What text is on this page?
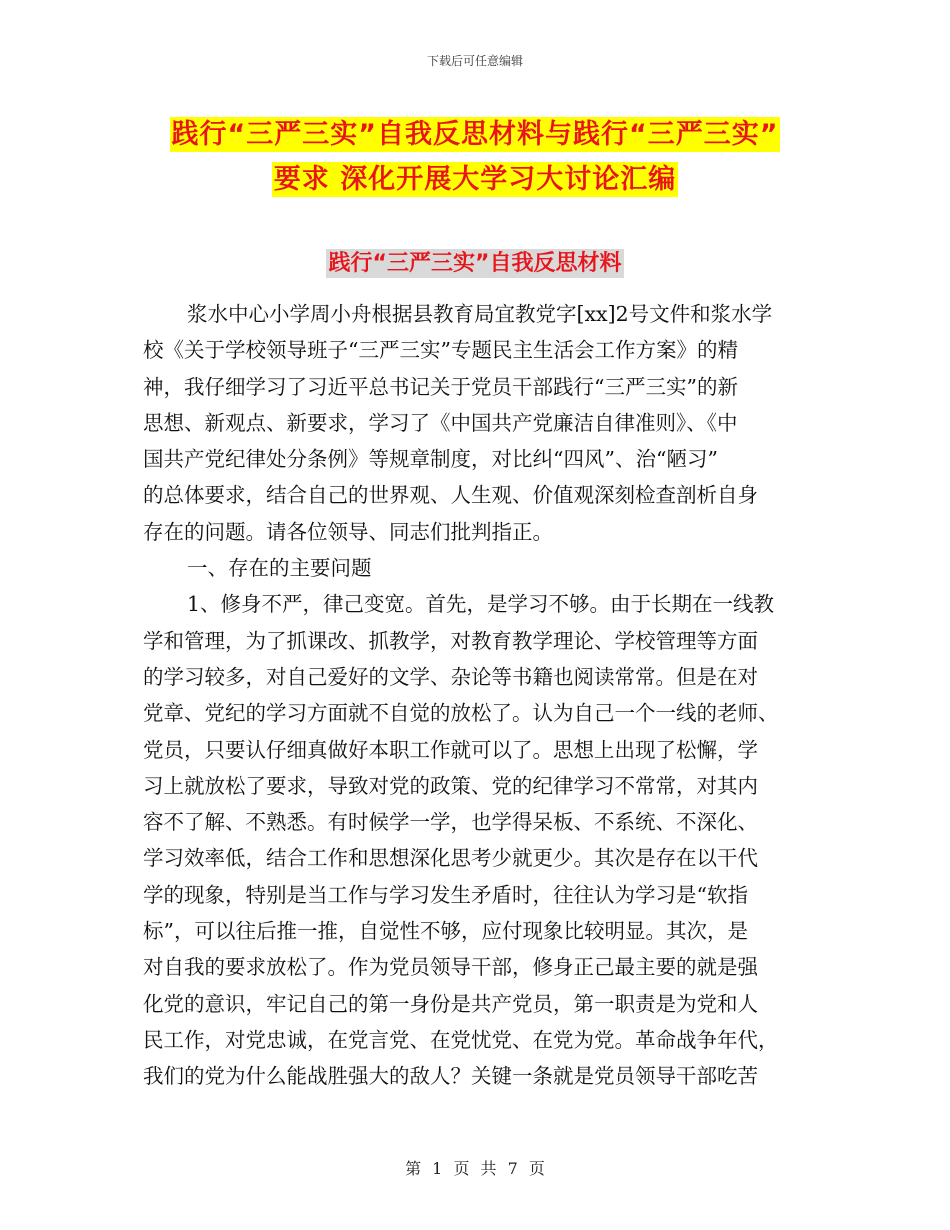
下载后可任意编辑
践行“三严三实”自我反思材料与践行“三严三实”
要求 深化开展大学习大讨论汇编
践行“三严三实”自我反思材料
浆水中心小学周小舟根据县教育局宜教党字[xx]2号文件和浆水学
校《关于学校领导班子“三严三实”专题民主生活会工作方案》的精
神，我仔细学习了习近平总书记关于党员干部践行“三严三实”的新
思想、新观点、新要求，学习了《中国共产党廉洁自律准则》、《中
国共产党纪律处分条例》等规章制度，对比纠“四风”、治“陋习”
的总体要求，结合自己的世界观、人生观、价值观深刻检查剖析自身
存在的问题。请各位领导、同志们批判指正。
一、存在的主要问题
1、修身不严，律己变宽。首先，是学习不够。由于长期在一线教
学和管理，为了抓课改、抓教学，对教育教学理论、学校管理等方面
的学习较多，对自己爱好的文学、杂论等书籍也阅读常常。但是在对
党章、党纪的学习方面就不自觉的放松了。认为自己一个一线的老师、
党员，只要认仔细真做好本职工作就可以了。思想上出现了松懈，学
习上就放松了要求，导致对党的政策、党的纪律学习不常常，对其内
容不了解、不熟悉。有时候学一学，也学得呆板、不系统、不深化、
学习效率低，结合工作和思想深化思考少就更少。其次是存在以干代
学的现象，特别是当工作与学习发生矛盾时，往往认为学习是“软指
标”，可以往后推一推，自觉性不够，应付现象比较明显。其次，是
对自我的要求放松了。作为党员领导干部，修身正己最主要的就是强
化党的意识，牢记自己的第一身份是共产党员，第一职责是为党和人
民工作，对党忠诚，在党言党、在党忧党、在党为党。革命战争年代，
我们的党为什么能战胜强大的敌人？关键一条就是党员领导干部吃苦
第 1 页 共 7 页
